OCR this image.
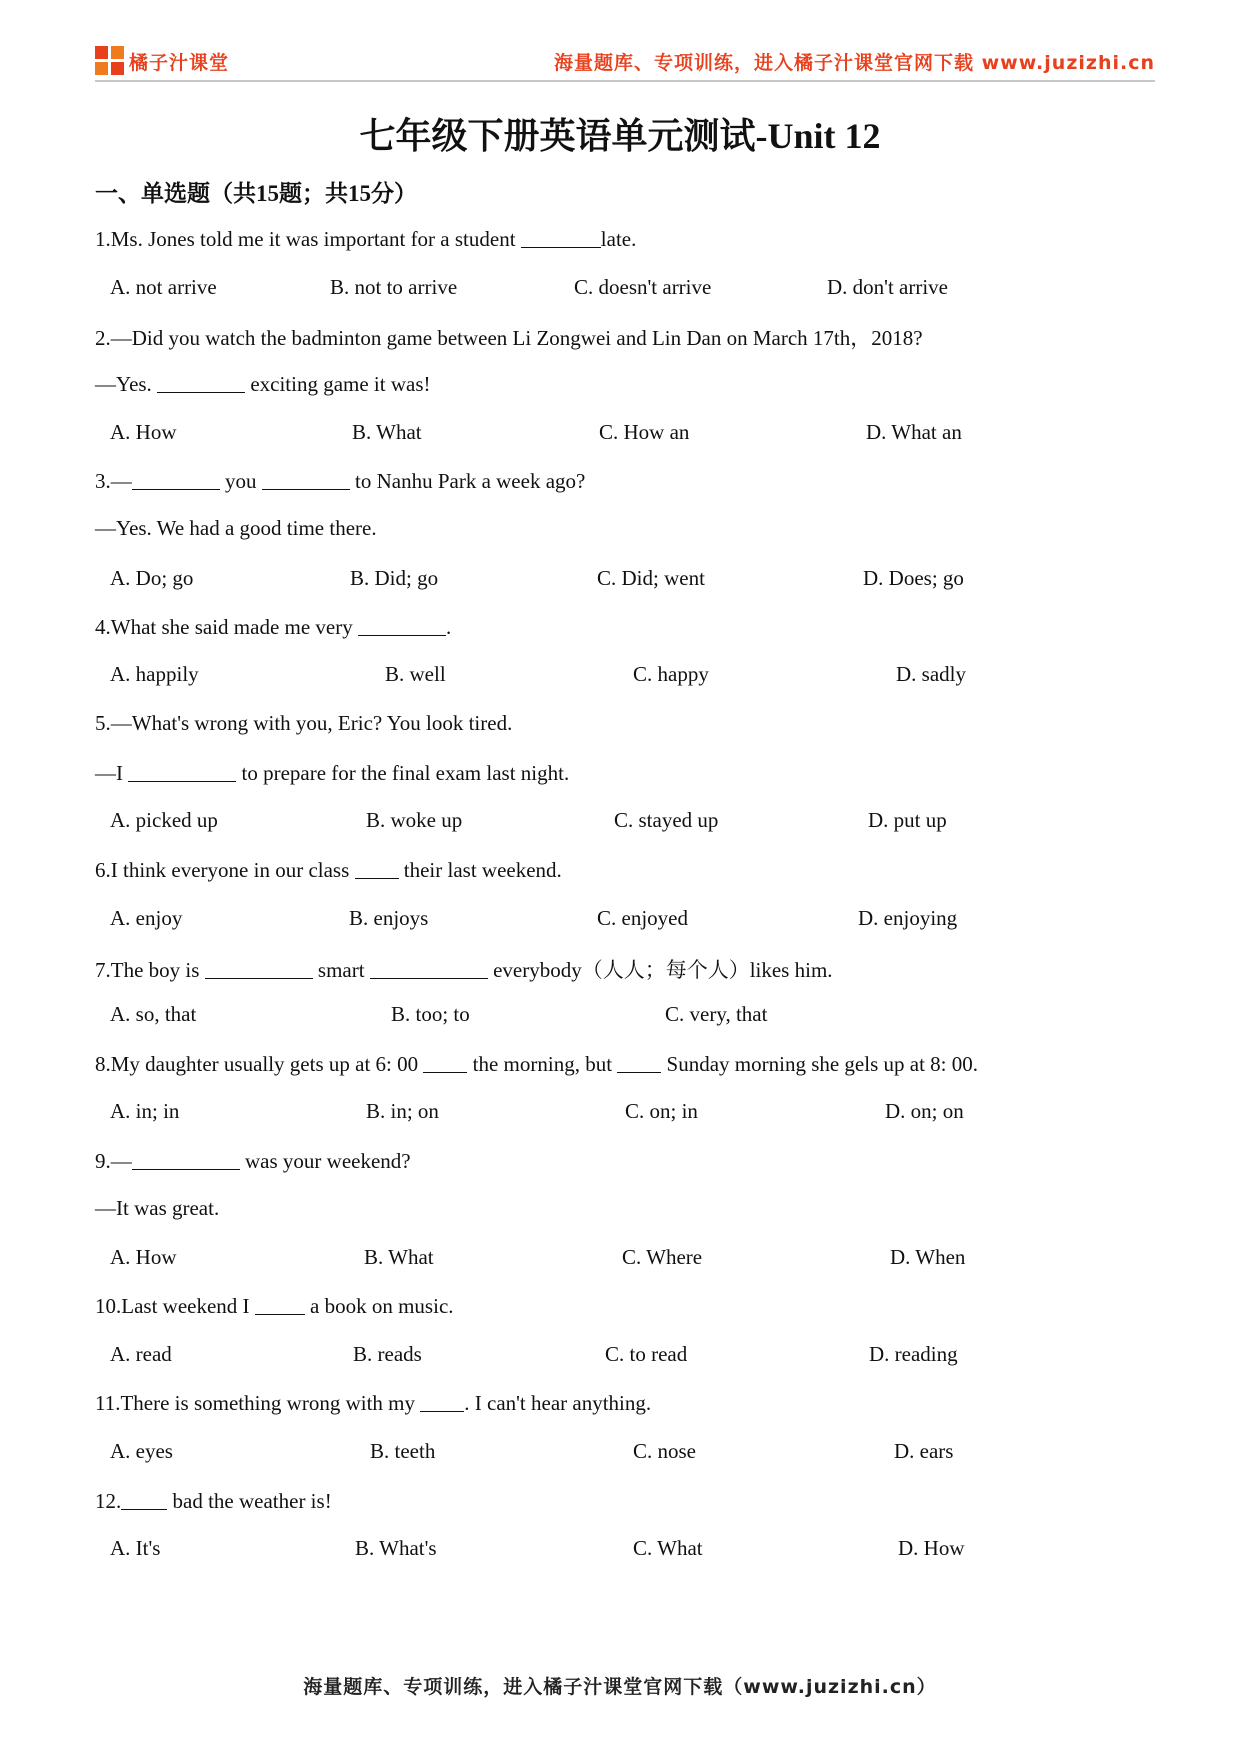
橘子汁课堂	海量题库、专项训练，进入橘子汁课堂官网下载 www.juzizhi.cn
七年级下册英语单元测试-Unit 12
一、单选题（共15题；共15分）
1.Ms. Jones told me it was important for a student	late.
A. not arrive	B. not to arrive	C. doesn't arrive	D. don't arrive
2.—Did you watch the badminton game between Li Zongwei and Lin Dan on March 17th，2018?
—Yes.	exciting game it was!
A. How	B. What	C. How an	D. What an
3.—	you	to Nanhu Park a week ago?
—Yes. We had a good time there.
A. Do; go	B. Did; go	C. Did; went	D. Does; go
4.What she said made me very	.
A. happily	B. well	C. happy	D. sadly
5.—What's wrong with you, Eric? You look tired.
—I	to prepare for the final exam last night.
A. picked up	B. woke up	C. stayed up	D. put up
6.I think everyone in our class  their last weekend.
A. enjoy	B. enjoys	C. enjoyed	D. enjoying
7.The boy is	smart	everybody（人人；每个人）likes him.
A. so, that	B. too; to	C. very, that
8.My daughter usually gets up at 6: 00  the morning, but  Sunday morning she gels up at 8: 00.
A. in; in	B. in; on	C. on; in	D. on; on
9.—	was your weekend?
—It was great.
A. How	B. What	C. Where	D. When
10.Last weekend I  a book on music.
A. read	B. reads	C. to read	D. reading
11.There is something wrong with my . I can't hear anything.
A. eyes	B. teeth	C. nose	D. ears
12. bad the weather is!
A. It's	B. What's	C. What	D. How
海量题库、专项训练，进入橘子汁课堂官网下载（www.juzizhi.cn）
